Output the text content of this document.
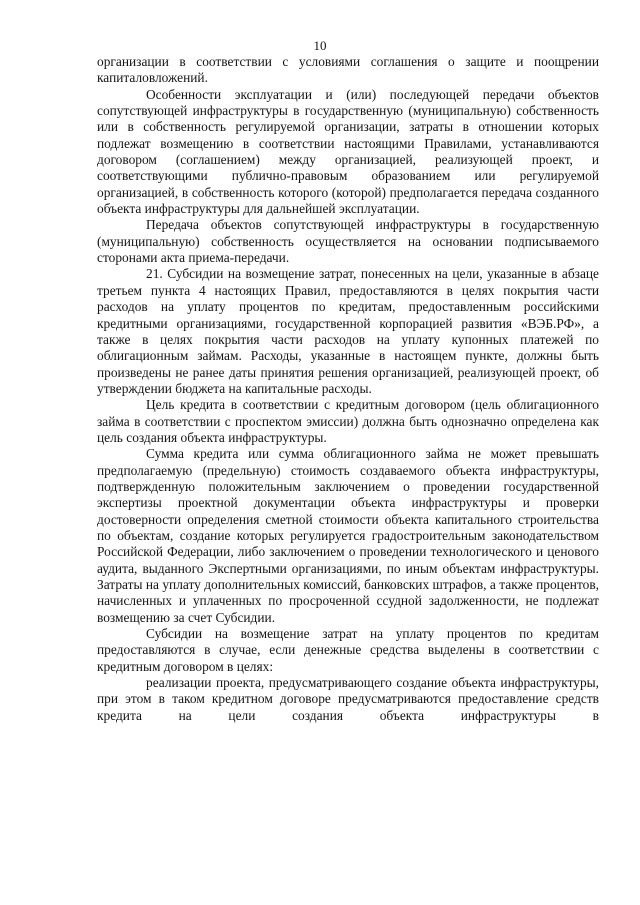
10

организации в соответствии с условиями соглашения о защите и поощрении капиталовложений.

Особенности эксплуатации и (или) последующей передачи объектов сопутствующей инфраструктуры в государственную (муниципальную) собственность или в собственность регулируемой организации, затраты в отношении которых подлежат возмещению в соответствии настоящими Правилами, устанавливаются договором (соглашением) между организацией, реализующей проект, и соответствующими публично-правовым образованием или регулируемой организацией, в собственность которого (которой) предполагается передача созданного объекта инфраструктуры для дальнейшей эксплуатации.

Передача объектов сопутствующей инфраструктуры в государственную (муниципальную) собственность осуществляется на основании подписываемого сторонами акта приема-передачи.

21. Субсидии на возмещение затрат, понесенных на цели, указанные в абзаце третьем пункта 4 настоящих Правил, предоставляются в целях покрытия части расходов на уплату процентов по кредитам, предоставленным российскими кредитными организациями, государственной корпорацией развития «ВЭБ.РФ», а также в целях покрытия части расходов на уплату купонных платежей по облигационным займам. Расходы, указанные в настоящем пункте, должны быть произведены не ранее даты принятия решения организацией, реализующей проект, об утверждении бюджета на капитальные расходы.

Цель кредита в соответствии с кредитным договором (цель облигационного займа в соответствии с проспектом эмиссии) должна быть однозначно определена как цель создания объекта инфраструктуры.

Сумма кредита или сумма облигационного займа не может превышать предполагаемую (предельную) стоимость создаваемого объекта инфраструктуры, подтвержденную положительным заключением о проведении государственной экспертизы проектной документации объекта инфраструктуры и проверки достоверности определения сметной стоимости объекта капитального строительства по объектам, создание которых регулируется градостроительным законодательством Российской Федерации, либо заключением о проведении технологического и ценового аудита, выданного Экспертными организациями, по иным объектам инфраструктуры. Затраты на уплату дополнительных комиссий, банковских штрафов, а также процентов, начисленных и уплаченных по просроченной ссудной задолженности, не подлежат возмещению за счет Субсидии.

Субсидии на возмещение затрат на уплату процентов по кредитам предоставляются в случае, если денежные средства выделены в соответствии с кредитным договором в целях:

реализации проекта, предусматривающего создание объекта инфраструктуры, при этом в таком кредитном договоре предусматриваются предоставление средств кредита на цели создания объекта инфраструктуры в
